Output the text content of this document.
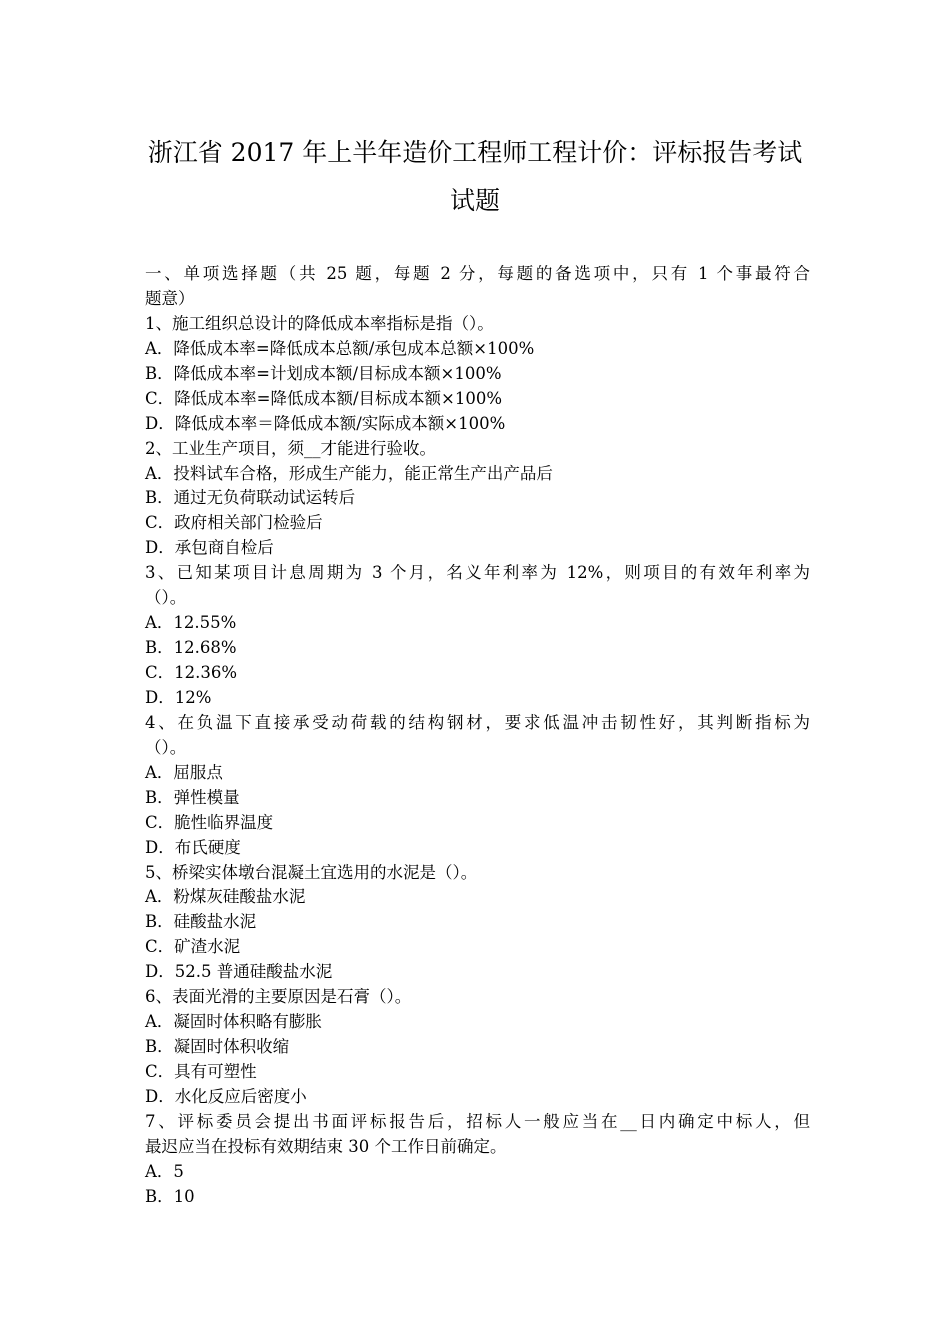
浙江省 2017 年上半年造价工程师工程计价：评标报告考试
试题
一、单项选择题（共 25 题，每题 2 分，每题的备选项中，只有 1 个事最符合
题意）
1、施工组织总设计的降低成本率指标是指（）。
A．降低成本率=降低成本总额/承包成本总额×100%
B．降低成本率=计划成本额/目标成本额×100%
C．降低成本率=降低成本额/目标成本额×100%
D．降低成本率＝降低成本额/实际成本额×100%
2、工业生产项目，须__才能进行验收。
A．投料试车合格，形成生产能力，能正常生产出产品后
B．通过无负荷联动试运转后
C．政府相关部门检验后
D．承包商自检后
3、已知某项目计息周期为 3 个月，名义年利率为 12%，则项目的有效年利率为
（）。
A．12.55%
B．12.68%
C．12.36%
D．12%
4、在负温下直接承受动荷载的结构钢材，要求低温冲击韧性好，其判断指标为
（）。
A．屈服点
B．弹性模量
C．脆性临界温度
D．布氏硬度
5、桥梁实体墩台混凝土宜选用的水泥是（）。
A．粉煤灰硅酸盐水泥
B．硅酸盐水泥
C．矿渣水泥
D．52.5 普通硅酸盐水泥
6、表面光滑的主要原因是石膏（）。
A．凝固时体积略有膨胀
B．凝固时体积收缩
C．具有可塑性
D．水化反应后密度小
7、评标委员会提出书面评标报告后，招标人一般应当在__日内确定中标人，但
最迟应当在投标有效期结束 30 个工作日前确定。
A．5
B．10
